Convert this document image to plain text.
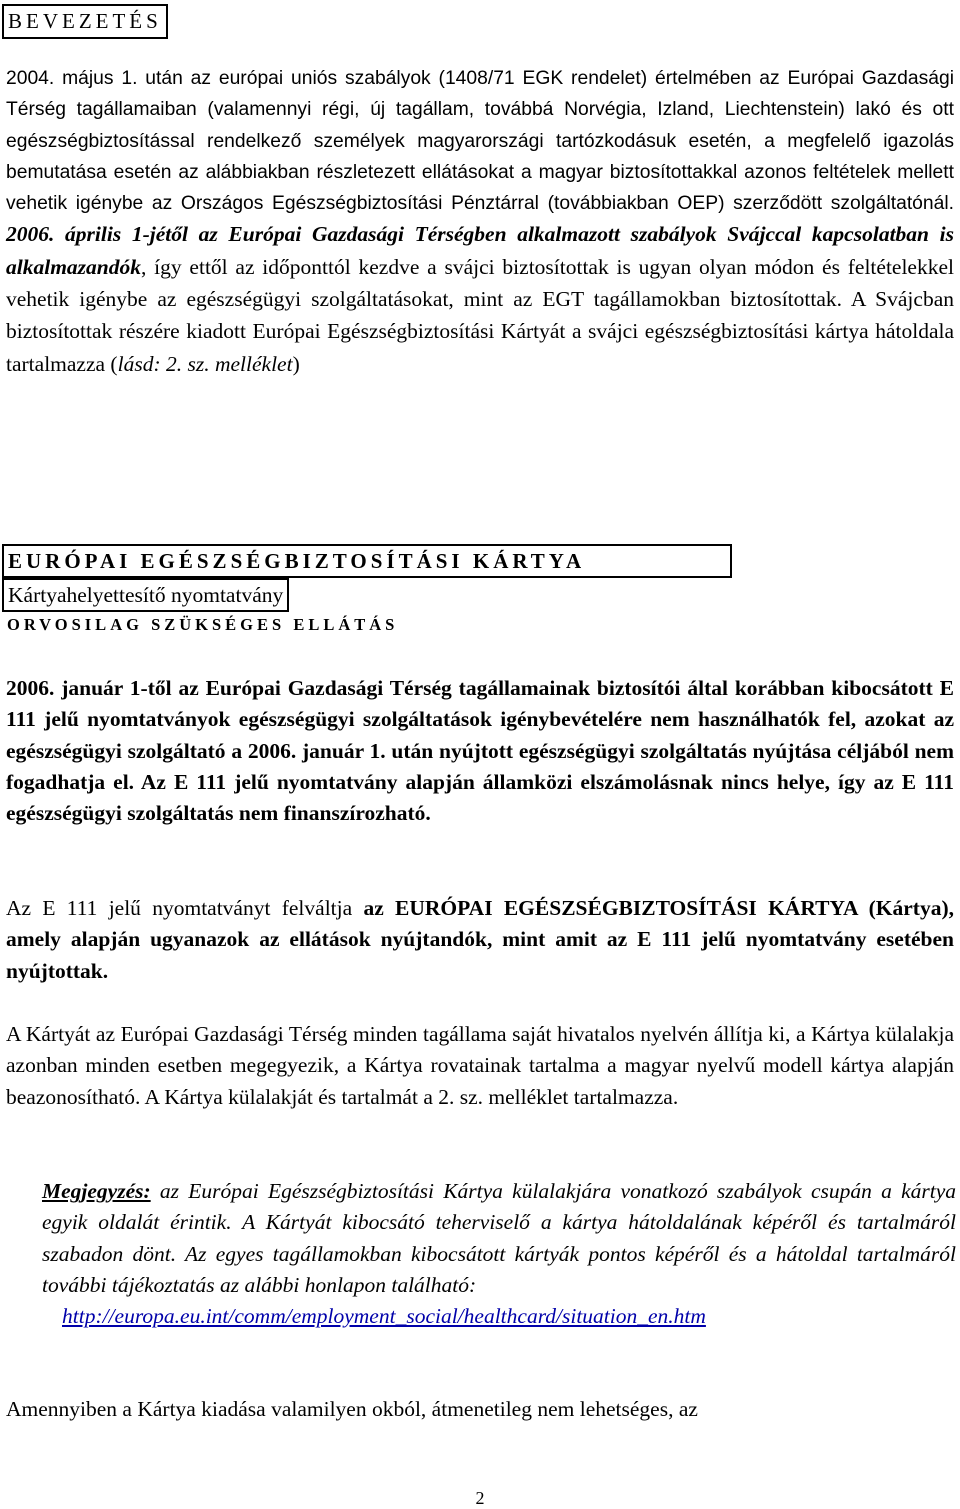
BEVEZETÉS

2004. május 1. után az európai uniós szabályok (1408/71 EGK rendelet) értelmében az Európai Gazdasági Térség tagállamaiban (valamennyi régi, új tagállam, továbbá Norvégia, Izland, Liechtenstein) lakó és ott egészségbiztosítással rendelkező személyek magyarországi tartózkodásuk esetén, a megfelelő igazolás bemutatása esetén az alábbiakban részletezett ellátásokat a magyar biztosítottakkal azonos feltételek mellett vehetik igénybe az Országos Egészségbiztosítási Pénztárral (továbbiakban OEP) szerződött szolgáltatónál. 2006. április 1-jétől az Európai Gazdasági Térségben alkalmazott szabályok Svájccal kapcsolatban is alkalmazandók, így ettől az időponttól kezdve a svájci biztosítottak is ugyan olyan módon és feltételekkel vehetik igénybe az egészségügyi szolgáltatásokat, mint az EGT tagállamokban biztosítottak. A Svájcban biztosítottak részére kiadott Európai Egészségbiztosítási Kártyát a svájci egészségbiztosítási kártya hátoldala tartalmazza (lásd: 2. sz. melléklet)

EURÓPAI EGÉSZSÉGBIZTOSÍTÁSI KÁRTYA
Kártyahelyettesítő nyomtatvány
ORVOSILAG SZÜKSÉGES ELLÁTÁS

2006. január 1-től az Európai Gazdasági Térség tagállamainak biztosítói által korábban kibocsátott E 111 jelű nyomtatványok egészségügyi szolgáltatások igénybevételére nem használhatók fel, azokat az egészségügyi szolgáltató a 2006. január 1. után nyújtott egészségügyi szolgáltatás nyújtása céljából nem fogadhatja el. Az E 111 jelű nyomtatvány alapján államközi elszámolásnak nincs helye, így az E 111 egészségügyi szolgáltatás nem finanszírozható.

Az E 111 jelű nyomtatványt felváltja az EURÓPAI EGÉSZSÉGBIZTOSÍTÁSI KÁRTYA (Kártya), amely alapján ugyanazok az ellátások nyújtandók, mint amit az E 111 jelű nyomtatvány esetében nyújtottak.

A Kártyát az Európai Gazdasági Térség minden tagállama saját hivatalos nyelvén állítja ki, a Kártya külalakja azonban minden esetben megegyezik, a Kártya rovatainak tartalma a magyar nyelvű modell kártya alapján beazonosítható. A Kártya külalakját és tartalmát a 2. sz. melléklet tartalmazza.

Megjegyzés: az Európai Egészségbiztosítási Kártya külalakjára vonatkozó szabályok csupán a kártya egyik oldalát érintik. A Kártyát kibocsátó teherviselő a kártya hátoldalának képéről és tartalmáról szabadon dönt. Az egyes tagállamokban kibocsátott kártyák pontos képéről és a hátoldal tartalmáról további tájékoztatás az alábbi honlapon található:
http://europa.eu.int/comm/employment_social/healthcard/situation_en.htm

Amennyiben a Kártya kiadása valamilyen okból, átmenetileg nem lehetséges, az

2
